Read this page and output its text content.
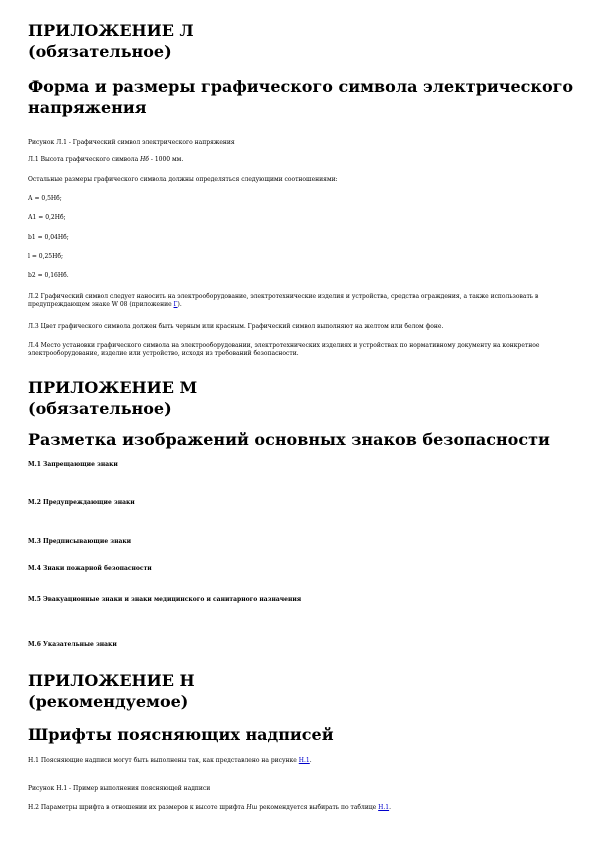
ПРИЛОЖЕНИЕ Л
(обязательное)
Форма и размеры графического символа электрического
напряжения
Рисунок Л.1 - Графический символ электрического напряжения
Л.1 Высота графического символа Hб - 1000 мм.
Остальные размеры графического символа должны определяться следующими соотношениями:
А = 0,5Нб;
А1 = 0,2Нб;
b1 = 0,04Нб;
l = 0,25Нб;
b2 = 0,16Нб.
Л.2 Графический символ следует наносить на электрооборудование, электротехнические изделия и устройства, средства ограждения, а также использовать в предупреждающем знаке W 08 (приложение Г).
Л.3 Цвет графического символа должен быть черным или красным. Графический символ выполняют на желтом или белом фоне.
Л.4 Место установки графического символа на электрооборудовании, электротехнических изделиях и устройствах по нормативному документу на конкретное электрооборудование, изделие или устройство, исходя из требований безопасности.
ПРИЛОЖЕНИЕ М
(обязательное)
Разметка изображений основных знаков безопасности
М.1 Запрещающие знаки
М.2 Предупреждающие знаки
М.3 Предписывающие знаки
М.4 Знаки пожарной безопасности
М.5 Эвакуационные знаки и знаки медицинского и санитарного назначения
М.6 Указательные знаки
ПРИЛОЖЕНИЕ Н
(рекомендуемое)
Шрифты поясняющих надписей
Н.1 Поясняющие надписи могут быть выполнены так, как представлено на рисунке Н.1.
Рисунок Н.1 - Пример выполнения поясняющей надписи
Н.2 Параметры шрифта в отношении их размеров к высоте шрифта Hш рекомендуется выбирать по таблице Н.1.
